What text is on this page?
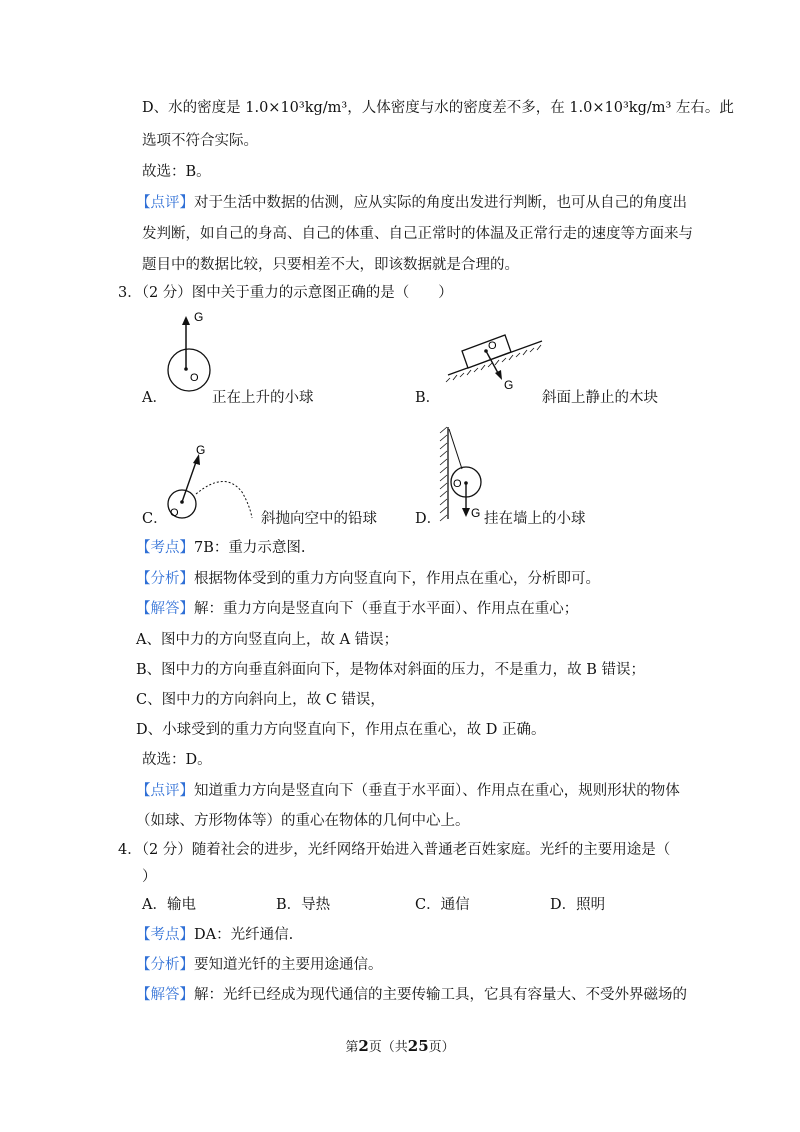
D、水的密度是 1.0×10³kg/m³，人体密度与水的密度差不多，在 1.0×10³kg/m³ 左右。此
选项不符合实际。
故选：B。
【点评】对于生活中数据的估测，应从实际的角度出发进行判断，也可从自己的角度出
发判断，如自己的身高、自己的体重、自己正常时的体温及正常行走的速度等方面来与
题目中的数据比较，只要相差不大，即该数据就是合理的。
3．（2 分）图中关于重力的示意图正确的是（　　）
G
O
A．	正在上升的小球
O
G
B．	斜面上静止的木块
G
O
C．	斜抛向空中的铅球
O
G
D．	挂在墙上的小球
【考点】7B：重力示意图.
【分析】根据物体受到的重力方向竖直向下，作用点在重心，分析即可。
【解答】解：重力方向是竖直向下（垂直于水平面）、作用点在重心；
A、图中力的方向竖直向上，故 A 错误；
B、图中力的方向垂直斜面向下，是物体对斜面的压力，不是重力，故 B 错误；
C、图中力的方向斜向上，故 C 错误，
D、小球受到的重力方向竖直向下，作用点在重心，故 D 正确。
故选：D。
【点评】知道重力方向是竖直向下（垂直于水平面）、作用点在重心，规则形状的物体
（如球、方形物体等）的重心在物体的几何中心上。
4．（2 分）随着社会的进步，光纤网络开始进入普通老百姓家庭。光纤的主要用途是（
）
A．输电	B．导热	C．通信	D．照明
【考点】DA：光纤通信.
【分析】要知道光钎的主要用途通信。
【解答】解：光纤已经成为现代通信的主要传输工具，它具有容量大、不受外界磁场的
第2页（共25页）
